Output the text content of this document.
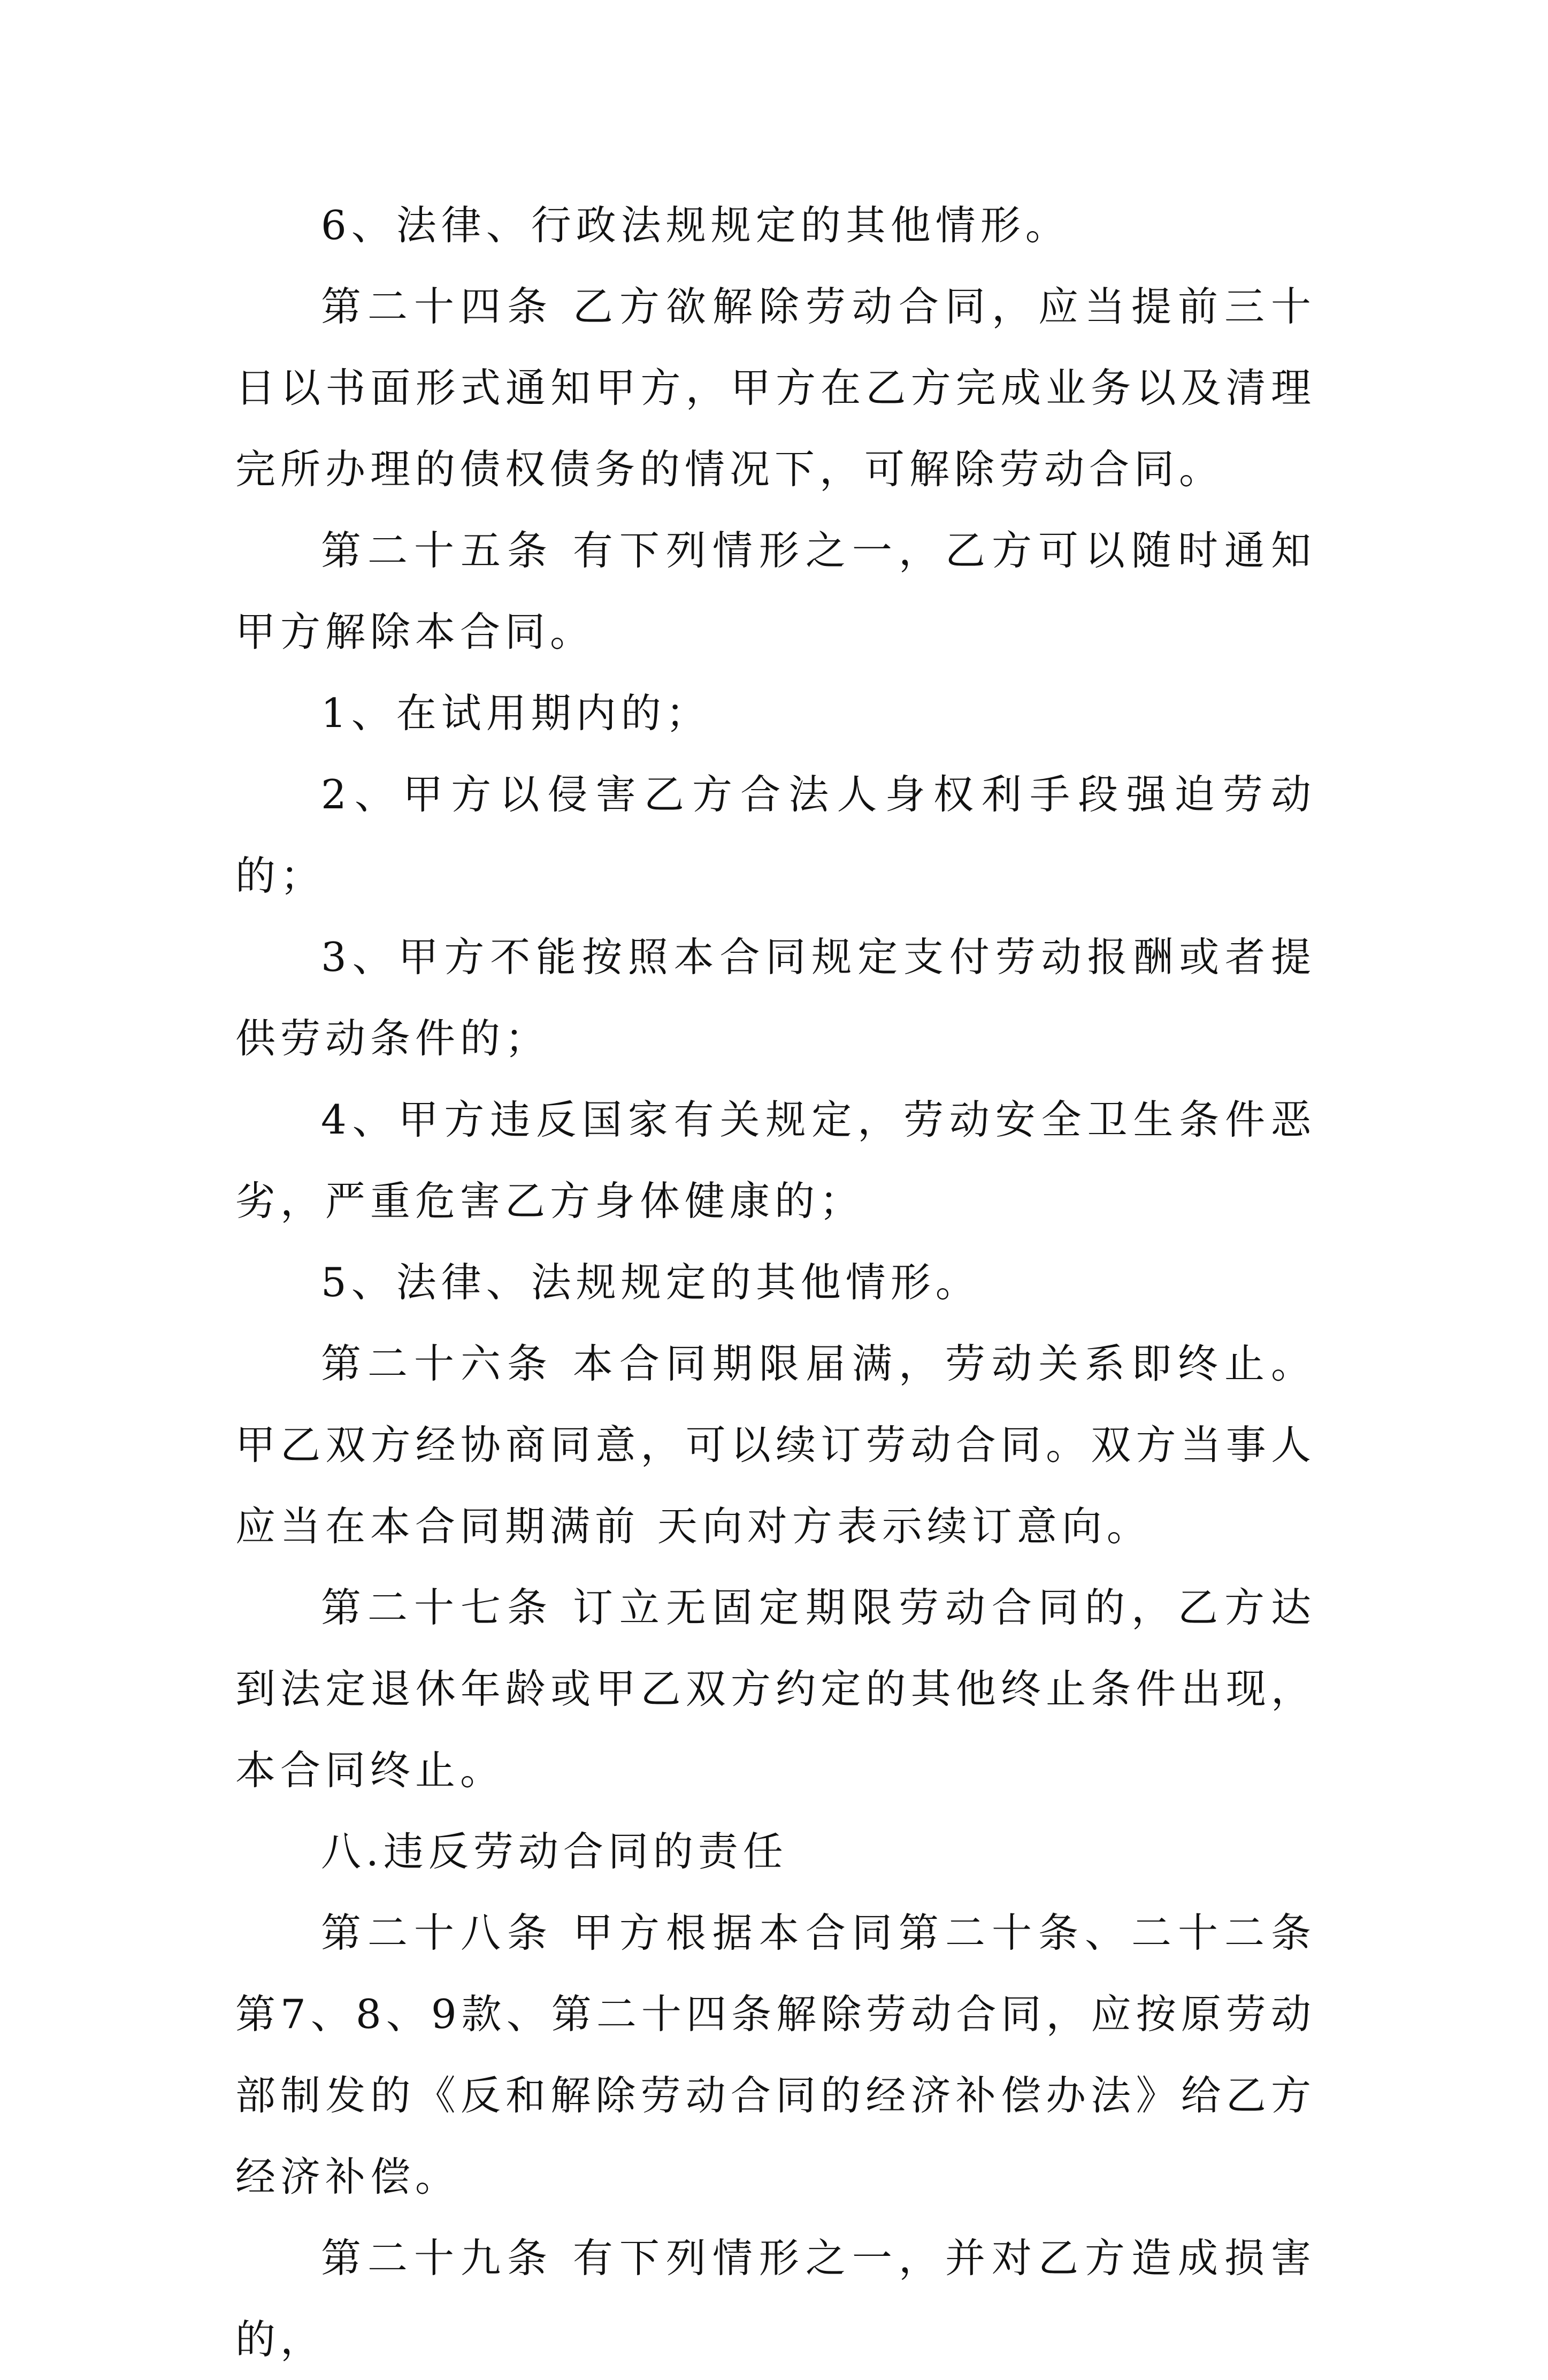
6、法律、行政法规规定的其他情形。

第二十四条 乙方欲解除劳动合同，应当提前三十日以书面形式通知甲方，甲方在乙方完成业务以及清理完所办理的债权债务的情况下，可解除劳动合同。

第二十五条 有下列情形之一，乙方可以随时通知甲方解除本合同。

1、在试用期内的；

2、甲方以侵害乙方合法人身权利手段强迫劳动的；

3、甲方不能按照本合同规定支付劳动报酬或者提供劳动条件的；

4、甲方违反国家有关规定，劳动安全卫生条件恶劣，严重危害乙方身体健康的；

5、法律、法规规定的其他情形。

第二十六条 本合同期限届满，劳动关系即终止。甲乙双方经协商同意，可以续订劳动合同。双方当事人应当在本合同期满前 天向对方表示续订意向。

第二十七条 订立无固定期限劳动合同的，乙方达到法定退休年龄或甲乙双方约定的其他终止条件出现，本合同终止。

八.违反劳动合同的责任

第二十八条 甲方根据本合同第二十条、二十二条第7、8、9款、第二十四条解除劳动合同，应按原劳动部制发的《反和解除劳动合同的经济补偿办法》给乙方经济补偿。

第二十九条 有下列情形之一，并对乙方造成损害的，
